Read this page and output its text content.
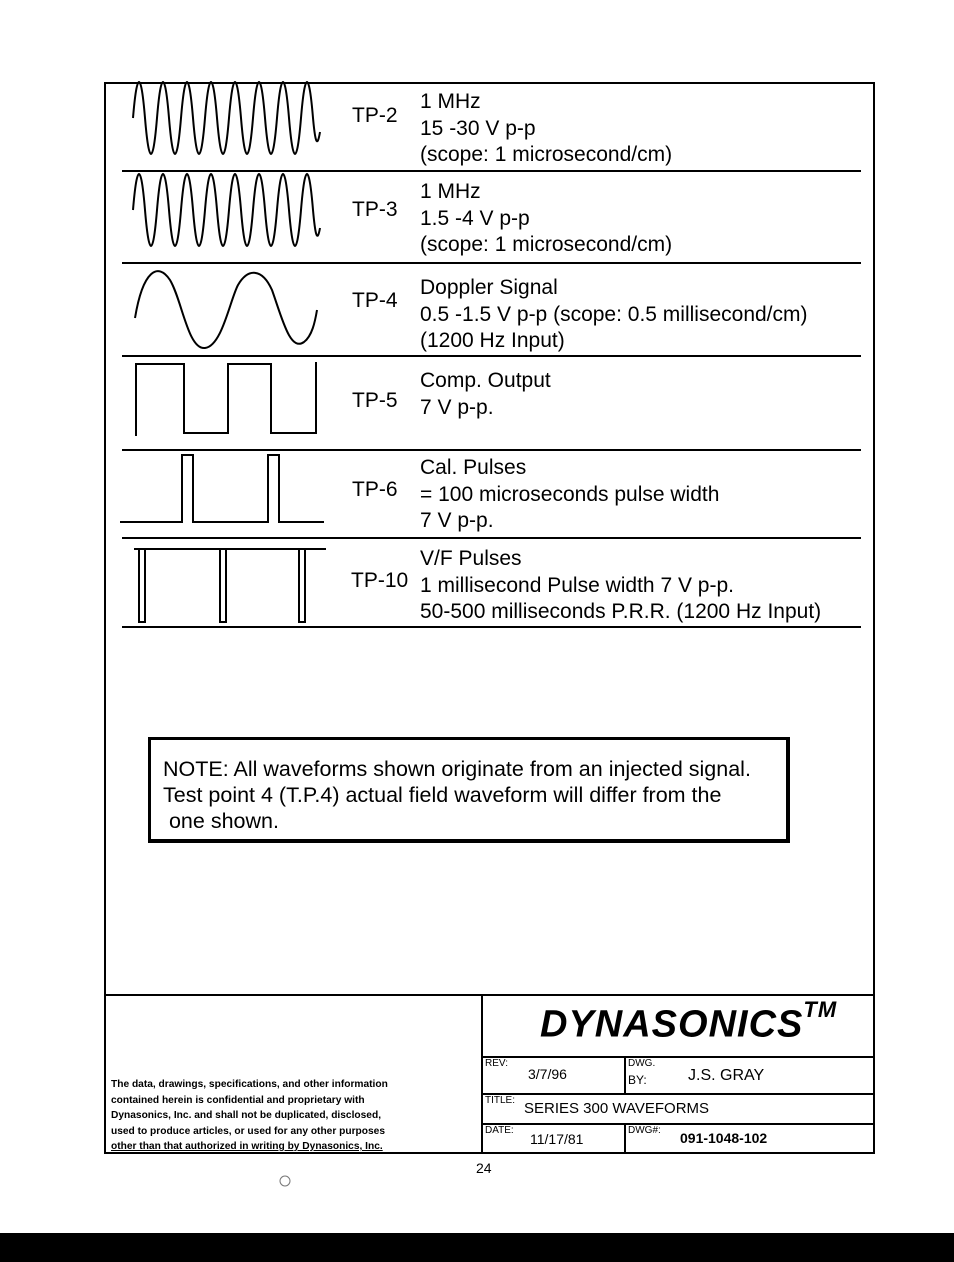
TP-2
1 MHz
15 -30 V p-p
(scope: 1 microsecond/cm)
TP-3
1 MHz
1.5 -4 V p-p
(scope: 1 microsecond/cm)
TP-4
Doppler Signal
0.5 -1.5 V p-p (scope: 0.5 millisecond/cm)
(1200 Hz Input)
TP-5
Comp. Output
7 V p-p.
TP-6
Cal. Pulses
= 100 microseconds pulse width
7 V p-p.
TP-10
V/F Pulses
1 millisecond Pulse width 7 V p-p.
50-500 milliseconds P.R.R. (1200 Hz Input)
NOTE: All waveforms shown originate from an injected signal.
Test point 4 (T.P.4) actual field waveform will differ from the
one shown.
The data, drawings, specifications, and other information
contained herein is confidential and proprietary with
Dynasonics, Inc. and shall not be duplicated, disclosed,
used to produce articles, or used for any other purposes
other than that authorized in writing by Dynasonics, Inc.
DYNASONICS™
REV:
3/7/96
DWG.
BY:	J.S. GRAY
TITLE: SERIES 300 WAVEFORMS
DATE:
11/17/81
DWG#: 091-1048-102
24
